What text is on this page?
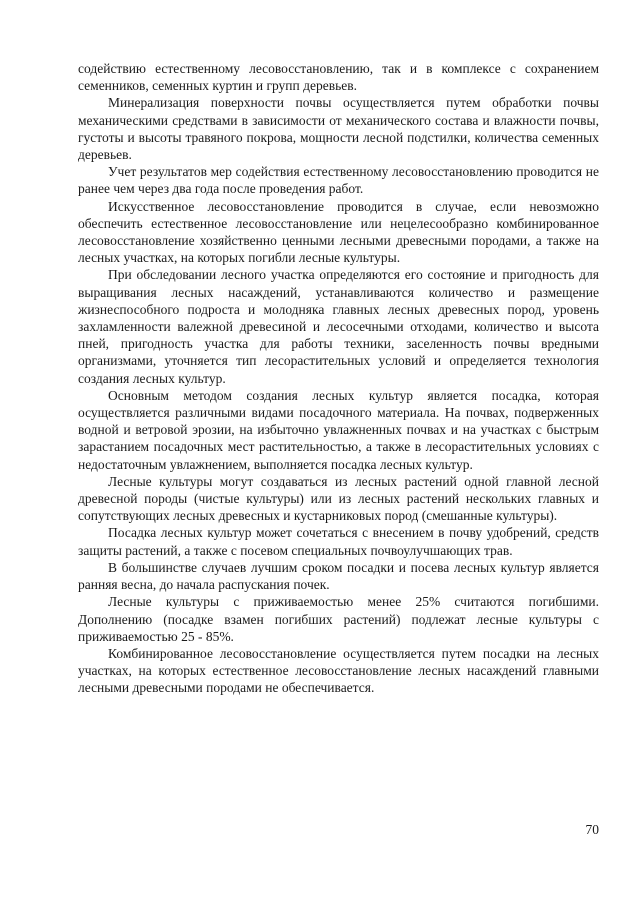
содействию естественному лесовосстановлению, так и в комплексе с сохранением семенников, семенных куртин и групп деревьев.

Минерализация поверхности почвы осуществляется путем обработки почвы механическими средствами в зависимости от механического состава и влажности почвы, густоты и высоты травяного покрова, мощности лесной подстилки, количества семенных деревьев.

Учет результатов мер содействия естественному лесовосстановлению проводится не ранее чем через два года после проведения работ.

Искусственное лесовосстановление проводится в случае, если невозможно обеспечить естественное лесовосстановление или нецелесообразно комбинированное лесовосстановление хозяйственно ценными лесными древесными породами, а также на лесных участках, на которых погибли лесные культуры.

При обследовании лесного участка определяются его состояние и пригодность для выращивания лесных насаждений, устанавливаются количество и размещение жизнеспособного подроста и молодняка главных лесных древесных пород, уровень захламленности валежной древесиной и лесосечными отходами, количество и высота пней, пригодность участка для работы техники, заселенность почвы вредными организмами, уточняется тип лесорастительных условий и определяется технология создания лесных культур.

Основным методом создания лесных культур является посадка, которая осуществляется различными видами посадочного материала. На почвах, подверженных водной и ветровой эрозии, на избыточно увлажненных почвах и на участках с быстрым зарастанием посадочных мест растительностью, а также в лесорастительных условиях с недостаточным увлажнением, выполняется посадка лесных культур.

Лесные культуры могут создаваться из лесных растений одной главной лесной древесной породы (чистые культуры) или из лесных растений нескольких главных и сопутствующих лесных древесных и кустарниковых пород (смешанные культуры).

Посадка лесных культур может сочетаться с внесением в почву удобрений, средств защиты растений, а также с посевом специальных почвоулучшающих трав.

В большинстве случаев лучшим сроком посадки и посева лесных культур является ранняя весна, до начала распускания почек.

Лесные культуры с приживаемостью менее 25% считаются погибшими. Дополнению (посадке взамен погибших растений) подлежат лесные культуры с приживаемостью 25 - 85%.

Комбинированное лесовосстановление осуществляется путем посадки на лесных участках, на которых естественное лесовосстановление лесных насаждений главными лесными древесными породами не обеспечивается.

70
